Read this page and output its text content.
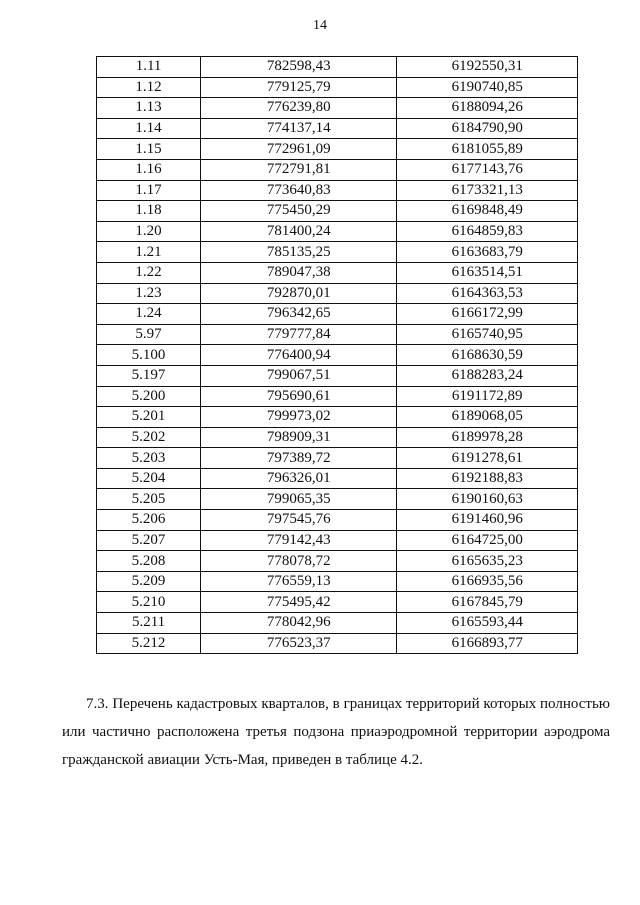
14
1.11	782598,43	6192550,31
1.12	779125,79	6190740,85
1.13	776239,80	6188094,26
1.14	774137,14	6184790,90
1.15	772961,09	6181055,89
1.16	772791,81	6177143,76
1.17	773640,83	6173321,13
1.18	775450,29	6169848,49
1.20	781400,24	6164859,83
1.21	785135,25	6163683,79
1.22	789047,38	6163514,51
1.23	792870,01	6164363,53
1.24	796342,65	6166172,99
5.97	779777,84	6165740,95
5.100	776400,94	6168630,59
5.197	799067,51	6188283,24
5.200	795690,61	6191172,89
5.201	799973,02	6189068,05
5.202	798909,31	6189978,28
5.203	797389,72	6191278,61
5.204	796326,01	6192188,83
5.205	799065,35	6190160,63
5.206	797545,76	6191460,96
5.207	779142,43	6164725,00
5.208	778078,72	6165635,23
5.209	776559,13	6166935,56
5.210	775495,42	6167845,79
5.211	778042,96	6165593,44
5.212	776523,37	6166893,77

7.3. Перечень кадастровых кварталов, в границах территорий которых полностью или частично расположена третья подзона приаэродромной территории аэродрома гражданской авиации Усть-Мая, приведен в таблице 4.2.
